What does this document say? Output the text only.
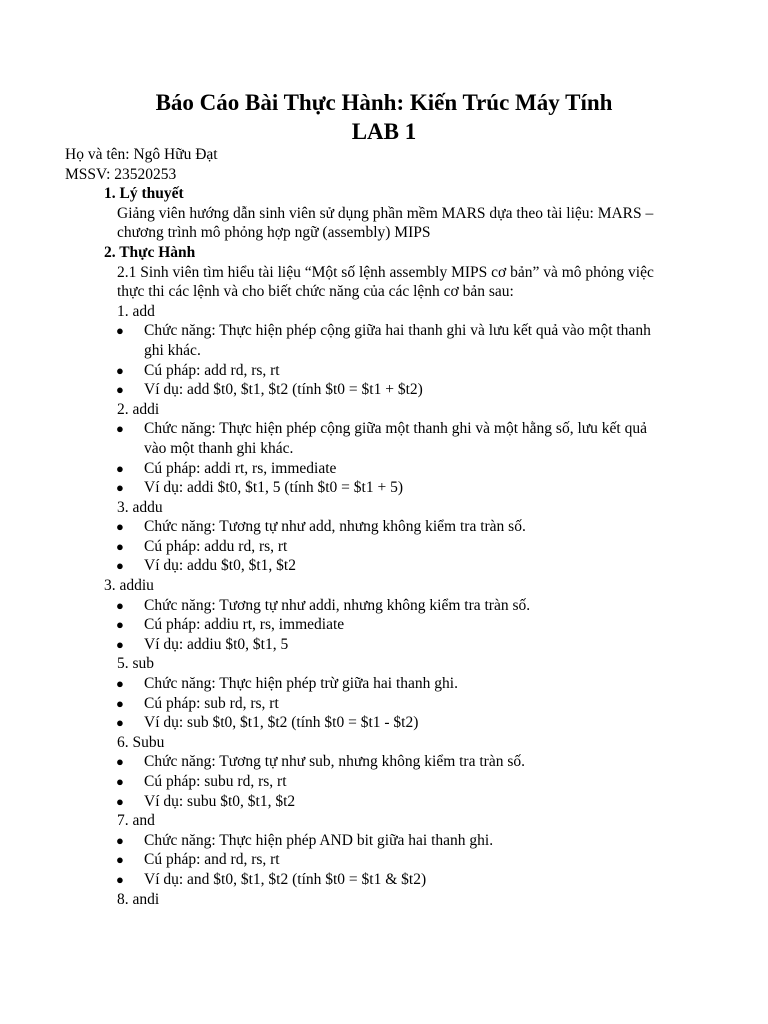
Báo Cáo Bài Thực Hành: Kiến Trúc Máy Tính
LAB 1
Họ và tên: Ngô Hữu Đạt
MSSV: 23520253
1. Lý thuyết
Giảng viên hướng dẫn sinh viên sử dụng phần mềm MARS dựa theo tài liệu: MARS – chương trình mô phỏng hợp ngữ (assembly) MIPS
2. Thực Hành
2.1 Sinh viên tìm hiểu tài liệu “Một số lệnh assembly MIPS cơ bản” và mô phỏng việc thực thi các lệnh và cho biết chức năng của các lệnh cơ bản sau:
1. add
● Chức năng: Thực hiện phép cộng giữa hai thanh ghi và lưu kết quả vào một thanh ghi khác.
● Cú pháp: add rd, rs, rt
● Ví dụ: add $t0, $t1, $t2 (tính $t0 = $t1 + $t2)
2. addi
● Chức năng: Thực hiện phép cộng giữa một thanh ghi và một hằng số, lưu kết quả vào một thanh ghi khác.
● Cú pháp: addi rt, rs, immediate
● Ví dụ: addi $t0, $t1, 5 (tính $t0 = $t1 + 5)
3. addu
● Chức năng: Tương tự như add, nhưng không kiểm tra tràn số.
● Cú pháp: addu rd, rs, rt
● Ví dụ: addu $t0, $t1, $t2
3. addiu
● Chức năng: Tương tự như addi, nhưng không kiểm tra tràn số.
● Cú pháp: addiu rt, rs, immediate
● Ví dụ: addiu $t0, $t1, 5
5. sub
● Chức năng: Thực hiện phép trừ giữa hai thanh ghi.
● Cú pháp: sub rd, rs, rt
● Ví dụ: sub $t0, $t1, $t2 (tính $t0 = $t1 - $t2)
6. Subu
● Chức năng: Tương tự như sub, nhưng không kiểm tra tràn số.
● Cú pháp: subu rd, rs, rt
● Ví dụ: subu $t0, $t1, $t2
7. and
● Chức năng: Thực hiện phép AND bit giữa hai thanh ghi.
● Cú pháp: and rd, rs, rt
● Ví dụ: and $t0, $t1, $t2 (tính $t0 = $t1 & $t2)
8. andi
